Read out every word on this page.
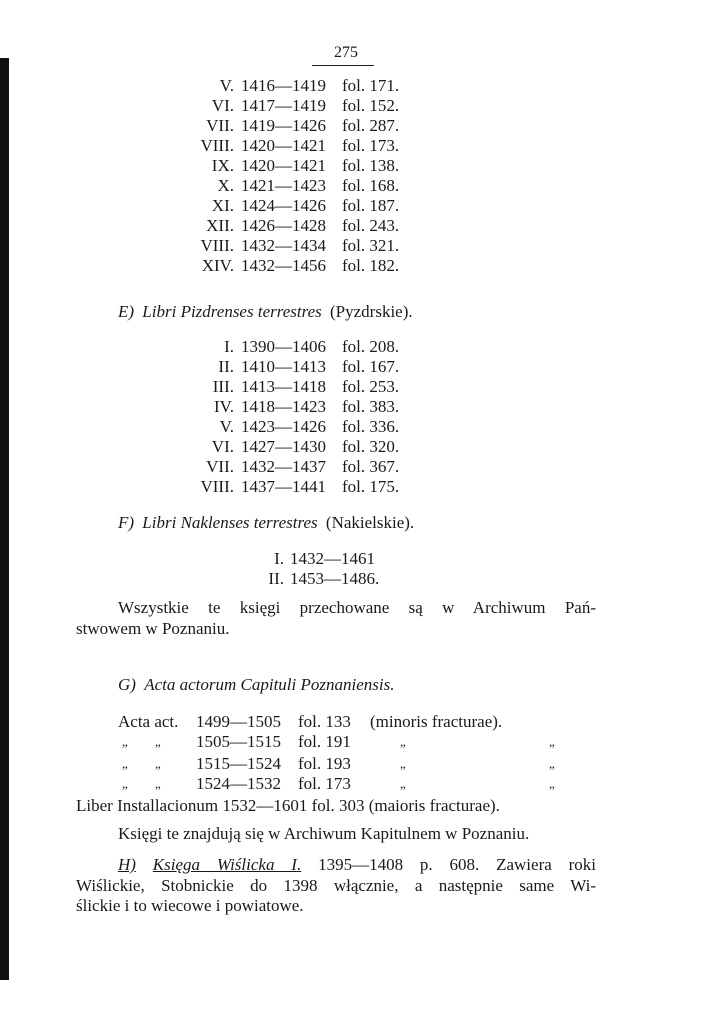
275
V. 1416—1419 fol. 171.
VI. 1417—1419 fol. 152.
VII. 1419—1426 fol. 287.
VIII. 1420—1421 fol. 173.
IX. 1420—1421 fol. 138.
X. 1421—1423 fol. 168.
XI. 1424—1426 fol. 187.
XII. 1426—1428 fol. 243.
VIII. 1432—1434 fol. 321.
XIV. 1432—1456 fol. 182.
E) Libri Pizdrenses terrestres (Pyzdrskie).
I. 1390—1406 fol. 208.
II. 1410—1413 fol. 167.
III. 1413—1418 fol. 253.
IV. 1418—1423 fol. 383.
V. 1423—1426 fol. 336.
VI. 1427—1430 fol. 320.
VII. 1432—1437 fol. 367.
VIII. 1437—1441 fol. 175.
F) Libri Naklenses terrestres (Nakielskie).
I. 1432—1461
II. 1453—1486.
Wszystkie te księgi przechowane są w Archiwum Pań-
stwowem w Poznaniu.
G) Acta actorum Capituli Poznaniensis.
Acta act. 1499—1505 fol. 133 (minoris fracturae).
„ „ 1505—1515 fol. 191	„ „
„ „ 1515—1524 fol. 193	„ „
„ „ 1524—1532 fol. 173	„ „
Liber Installacionum 1532—1601 fol. 303 (maioris fracturae).
Księgi te znajdują się w Archiwum Kapitulnem w Poznaniu.
H) Księga Wiślicka I. 1395—1408 p. 608. Zawiera roki
Wiślickie, Stobnickie do 1398 włącznie, a następnie same Wi-
ślickie i to wiecowe i powiatowe.
